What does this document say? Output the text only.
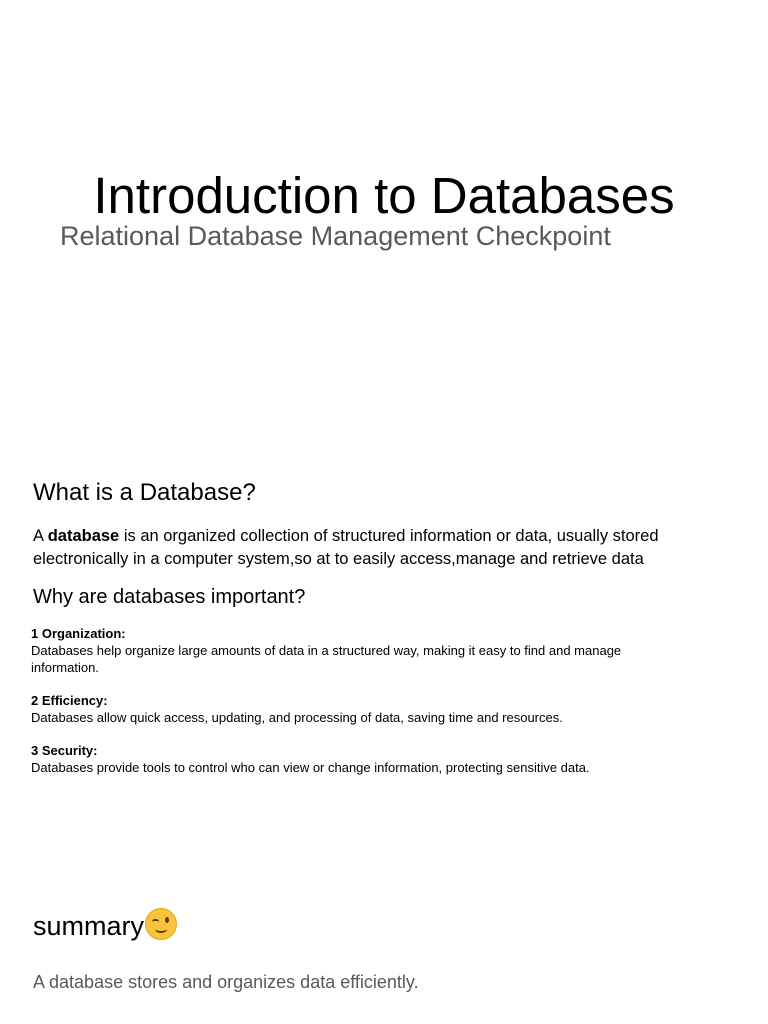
Introduction to Databases
Relational Database Management Checkpoint
What is a Database?
A database is an organized collection of structured information or data, usually stored
electronically in a computer system,so at to easily access,manage and retrieve data
Why are databases important?
1 Organization:
Databases help organize large amounts of data in a structured way, making it easy to find and manage
information.
2 Efficiency:
Databases allow quick access, updating, and processing of data, saving time and resources.
3 Security:
Databases provide tools to control who can view or change information, protecting sensitive data.
summary
A database stores and organizes data efficiently.
